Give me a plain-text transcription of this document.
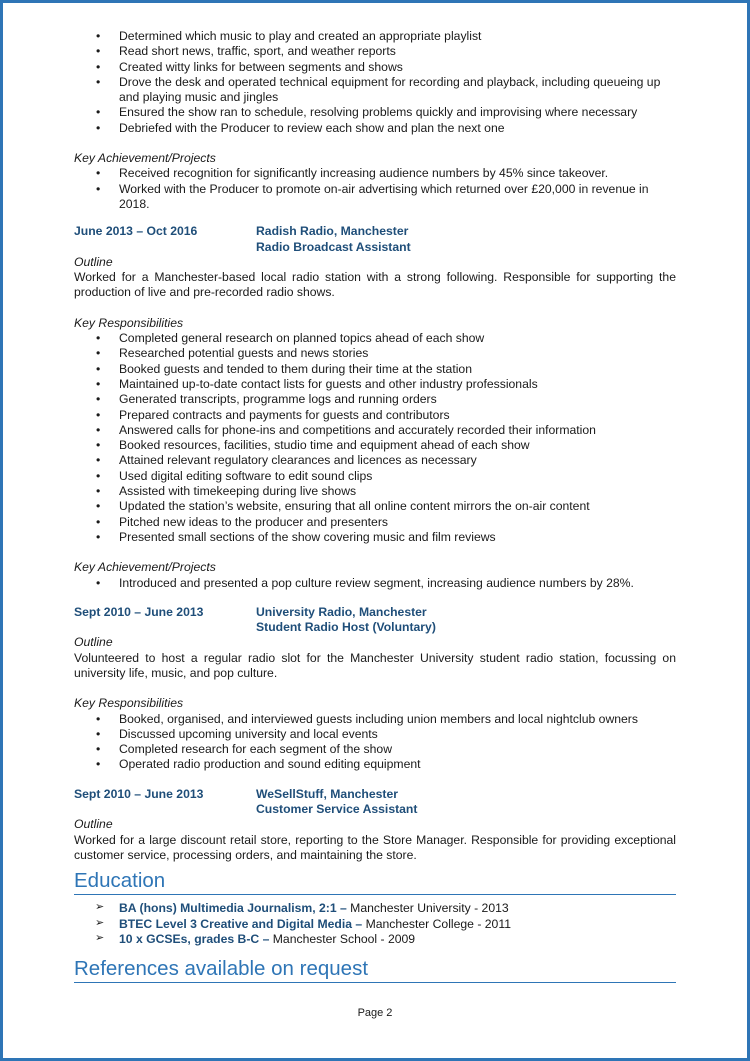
• Determined which music to play and created an appropriate playlist
• Read short news, traffic, sport, and weather reports
• Created witty links for between segments and shows
• Drove the desk and operated technical equipment for recording and playback, including queueing up and playing music and jingles
• Ensured the show ran to schedule, resolving problems quickly and improvising where necessary
• Debriefed with the Producer to review each show and plan the next one
Key Achievement/Projects
• Received recognition for significantly increasing audience numbers by 45% since takeover.
• Worked with the Producer to promote on-air advertising which returned over £20,000 in revenue in 2018.
June 2013 – Oct 2016	Radish Radio, Manchester
Radio Broadcast Assistant
Outline
Worked for a Manchester-based local radio station with a strong following. Responsible for supporting the production of live and pre-recorded radio shows.
Key Responsibilities
• Completed general research on planned topics ahead of each show
• Researched potential guests and news stories
• Booked guests and tended to them during their time at the station
• Maintained up-to-date contact lists for guests and other industry professionals
• Generated transcripts, programme logs and running orders
• Prepared contracts and payments for guests and contributors
• Answered calls for phone-ins and competitions and accurately recorded their information
• Booked resources, facilities, studio time and equipment ahead of each show
• Attained relevant regulatory clearances and licences as necessary
• Used digital editing software to edit sound clips
• Assisted with timekeeping during live shows
• Updated the station’s website, ensuring that all online content mirrors the on-air content
• Pitched new ideas to the producer and presenters
• Presented small sections of the show covering music and film reviews
Key Achievement/Projects
• Introduced and presented a pop culture review segment, increasing audience numbers by 28%.
Sept 2010 – June 2013	University Radio, Manchester
Student Radio Host (Voluntary)
Outline
Volunteered to host a regular radio slot for the Manchester University student radio station, focussing on university life, music, and pop culture.
Key Responsibilities
• Booked, organised, and interviewed guests including union members and local nightclub owners
• Discussed upcoming university and local events
• Completed research for each segment of the show
• Operated radio production and sound editing equipment
Sept 2010 – June 2013	WeSellStuff, Manchester
Customer Service Assistant
Outline
Worked for a large discount retail store, reporting to the Store Manager. Responsible for providing exceptional customer service, processing orders, and maintaining the store.
Education
➢ BA (hons) Multimedia Journalism, 2:1 – Manchester University - 2013
➢ BTEC Level 3 Creative and Digital Media – Manchester College - 2011
➢ 10 x GCSEs, grades B-C – Manchester School - 2009
References available on request
Page 2
